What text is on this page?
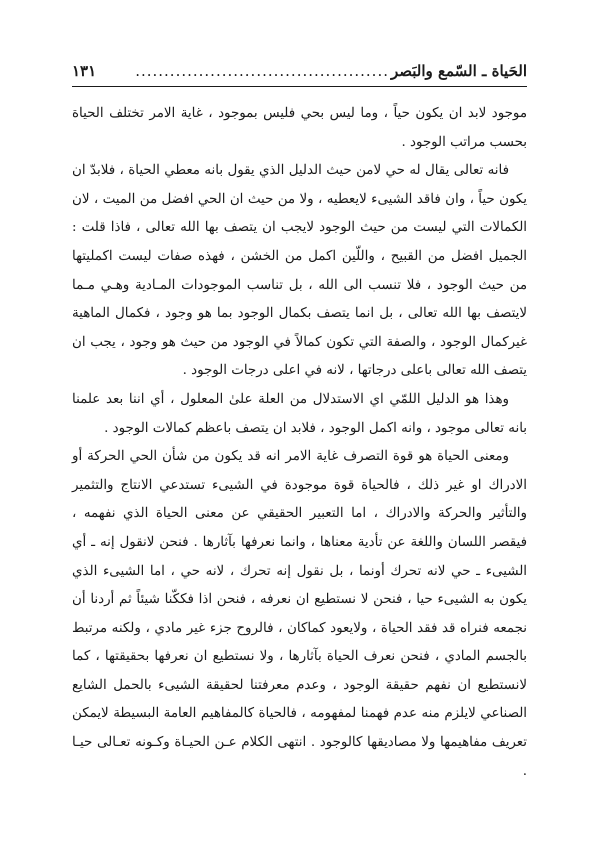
الحَياة ـ السّمع والبَصر
............................................
١٣١

موجود لابد ان يكون حياً ، وما ليس بحي فليس بموجود ، غاية الامر تختلف الحياة بحسب مراتب الوجود .

فانه تعالى يقال له حي لامن حيث الدليل الذي يقول بانه معطي الحياة ، فلابدّ ان يكون حياً ، وان فاقد الشيىء لايعطيه ، ولا من حيث ان الحي افضل من الميت ، لان الكمالات التي ليست من حيث الوجود لايجب ان يتصف بها الله تعالى ، فاذا قلت : الجميل افضل من القبيح ، واللّين اكمل من الخشن ، فهذه صفات ليست اكمليتها من حيث الوجود ، فلا تنسب الى الله ، بل تناسب الموجودات المـادية وهـي مـما لايتصف بها الله تعالى ، بل انما يتصف بكمال الوجود بما هو وجود ، فكمال الماهية غيركمال الوجود ، والصفة التي تكون كمالاً في الوجود من حيث هو وجود ، يجب ان يتصف الله تعالى باعلى درجاتها ، لانه في اعلى درجات الوجود .

وهذا هو الدليل اللمّي اي الاستدلال من العلة علىٰ المعلول ، أي اننا بعد علمنا بانه تعالى موجود ، وانه اكمل الوجود ، فلابد ان يتصف باعظم كمالات الوجود .

ومعنى الحياة هو قوة التصرف غاية الامر انه قد يكون من شأن الحي الحركة أو الادراك او غير ذلك ، فالحياة قوة موجودة في الشيىء تستدعي الانتاج والتثمير والتأثير والحركة والادراك ، اما التعبير الحقيقي عن معنى الحياة الذي نفهمه ، فيقصر اللسان واللغة عن تأدية معناها ، وانما نعرفها بآثارها . فنحن لانقول إنه ـ أي الشيىء ـ حي لانه تحرك أونما ، بل نقول إنه تحرك ، لانه حي ، اما الشيىء الذي يكون به الشيىء حيا ، فنحن لا نستطيع ان نعرفه ، فنحن اذا فككّنا شيئاً ثم أردنا أن نجمعه فنراه قد فقد الحياة ، ولايعود كماكان ، فالروح جزء غير مادي ، ولكنه مرتبط بالجسم المادي ، فنحن نعرف الحياة بآثارها ، ولا نستطيع ان نعرفها بحقيقتها ، كما لانستطيع ان نفهم حقيقة الوجود ، وعدم معرفتنا لحقيقة الشيىء بالحمل الشايع الصناعي لايلزم منه عدم فهمنا لمفهومه ، فالحياة كالمفاهيم العامة البسيطة لايمكن تعريف مفاهيمها ولا مصاديقها كالوجود . انتهى الكلام عـن الحيـاة وكـونه تعـالى حيـا .
